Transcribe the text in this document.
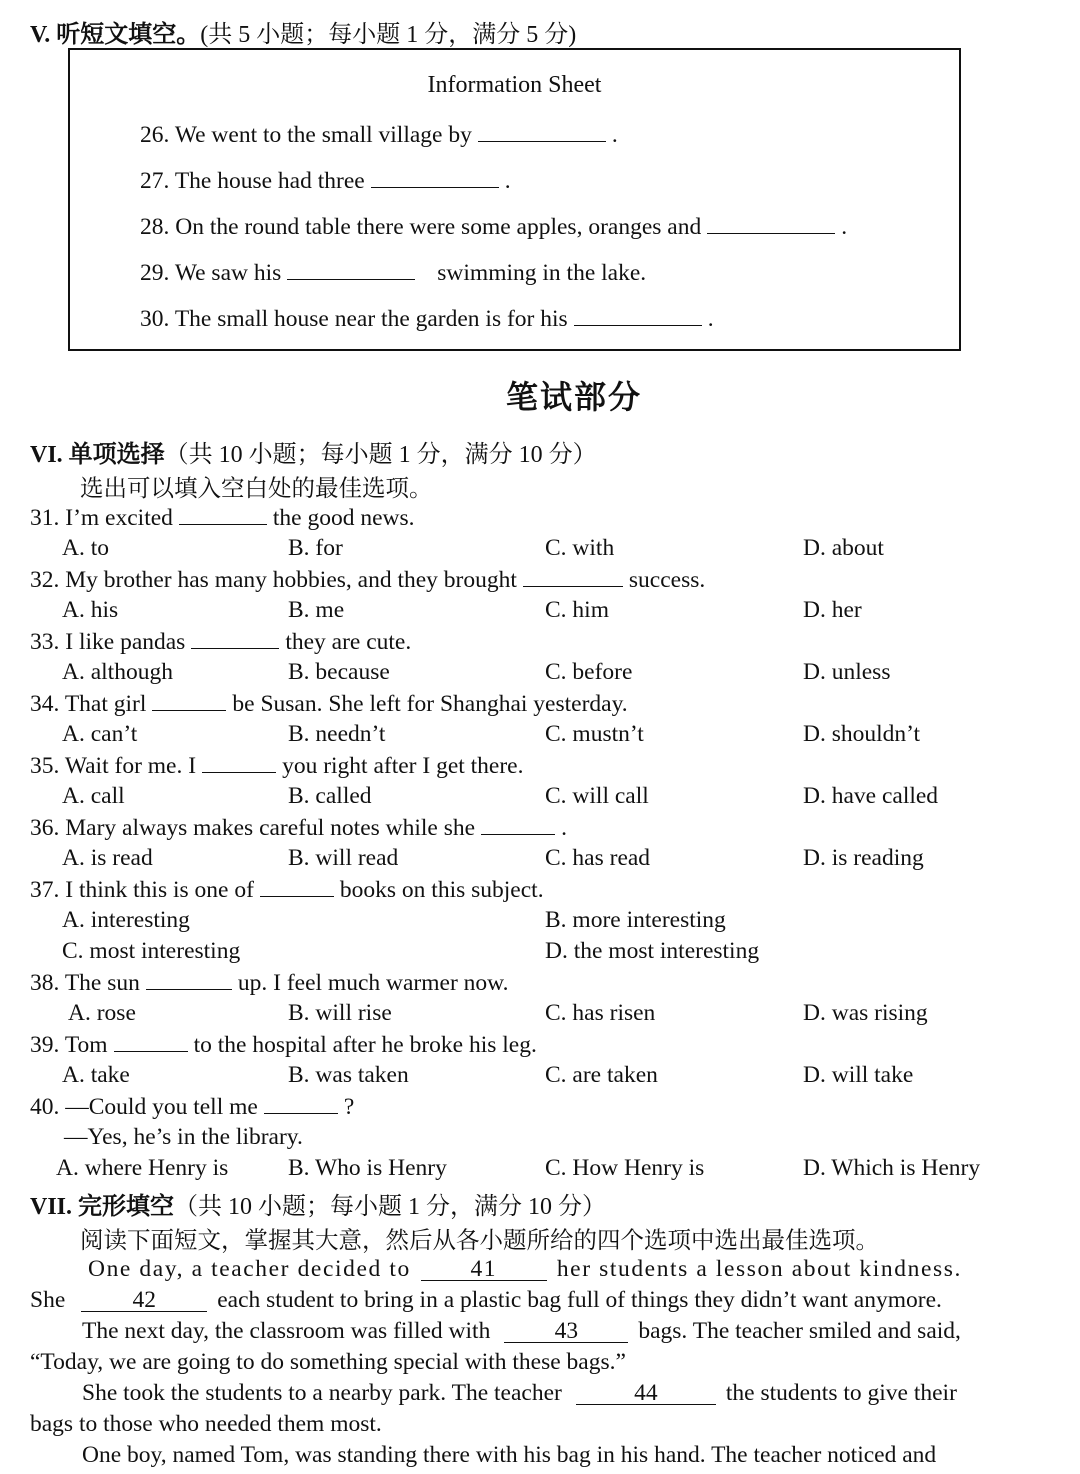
V. 听短文填空。(共 5 小题；每小题 1 分，满分 5 分)
Information Sheet
26. We went to the small village by	.
27. The house had three	.
28. On the round table there were some apples, oranges and	.
29. We saw his	swimming in the lake.
30. The small house near the garden is for his	.
笔试部分
VI. 单项选择（共 10 小题；每小题 1 分，满分 10 分）
选出可以填入空白处的最佳选项。
31. I’m excited	the good news.
A. to	B. for	C. with	D. about
32. My brother has many hobbies, and they brought	success.
A. his	B. me	C. him	D. her
33. I like pandas	they are cute.
A. although	B. because	C. before	D. unless
34. That girl	be Susan. She left for Shanghai yesterday.
A. can’t	B. needn’t	C. mustn’t	D. shouldn’t
35. Wait for me. I	you right after I get there.
A. call	B. called	C. will call	D. have called
36. Mary always makes careful notes while she	.
A. is read	B. will read	C. has read	D. is reading
37. I think this is one of	books on this subject.
A. interesting	B. more interesting
C. most interesting	D. the most interesting
38. The sun	up. I feel much warmer now.
A. rose	B. will rise	C. has risen	D. was rising
39. Tom	to the hospital after he broke his leg.
A. take	B. was taken	C. are taken	D. will take
40. —Could you tell me	?
—Yes, he’s in the library.
A. where Henry is	B. Who is Henry	C. How Henry is	D. Which is Henry
VII. 完形填空（共 10 小题；每小题 1 分，满分 10 分）
阅读下面短文，掌握其大意，然后从各小题所给的四个选项中选出最佳选项。
One day, a teacher decided to	41	her students a lesson about kindness.
She	42	each student to bring in a plastic bag full of things they didn’t want anymore.
The next day, the classroom was filled with	43	bags. The teacher smiled and said,
“Today, we are going to do something special with these bags.”
She took the students to a nearby park. The teacher	44	the students to give their
bags to those who needed them most.
One boy, named Tom, was standing there with his bag in his hand. The teacher noticed and
